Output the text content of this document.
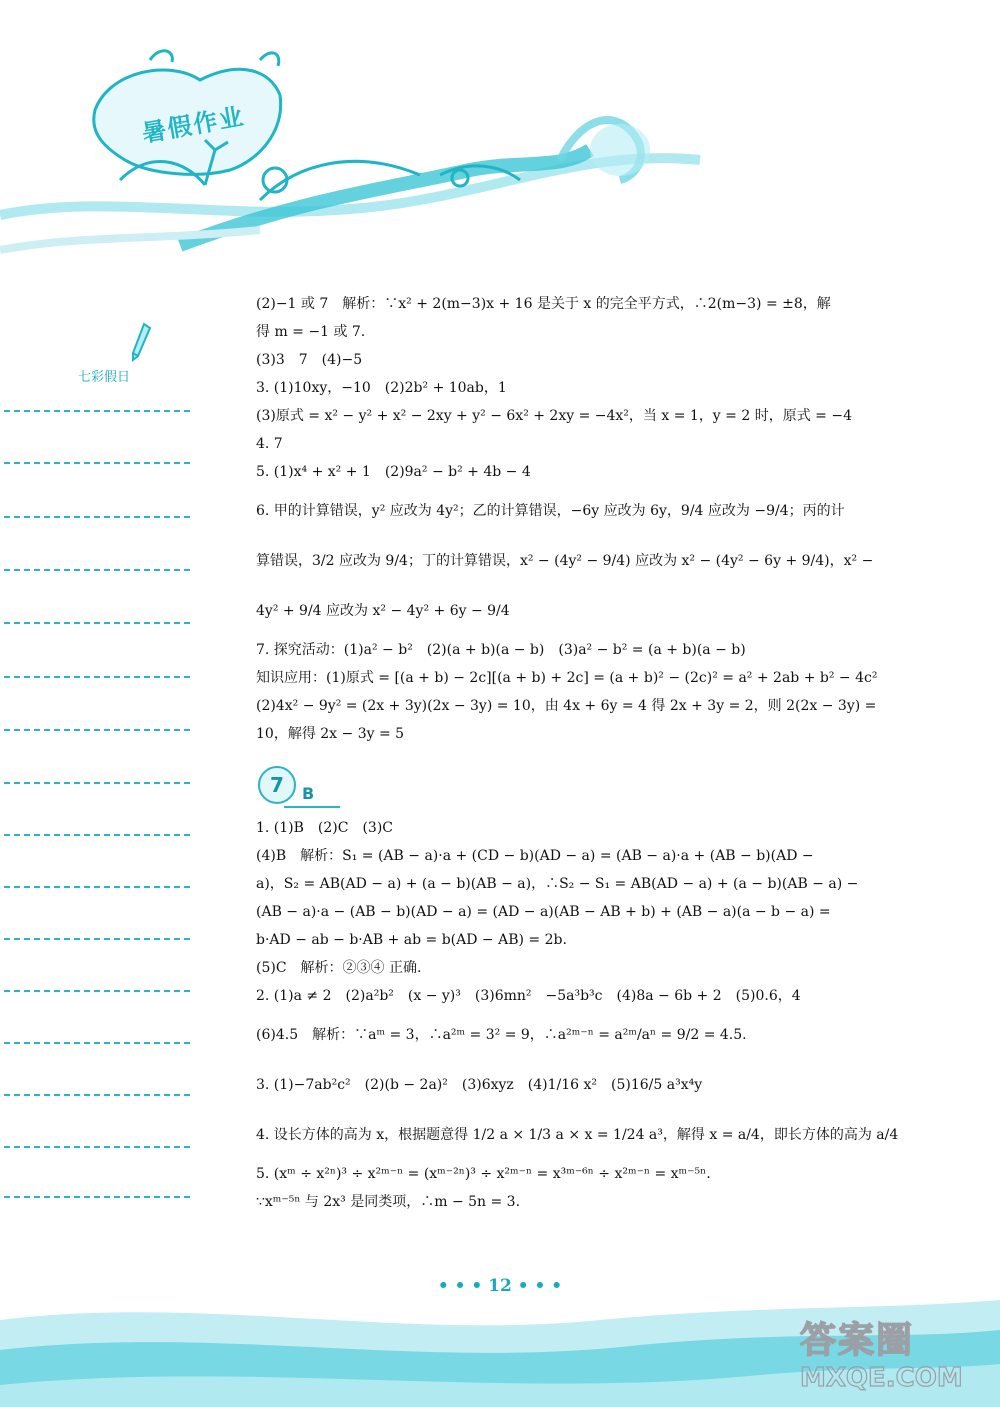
暑假作业
七彩假日
(2)−1 或 7　解析：∵x² + 2(m−3)x + 16 是关于 x 的完全平方式，∴2(m−3) = ±8，解
得 m = −1 或 7.
(3)3　7　(4)−5
3. (1)10xy，−10　(2)2b² + 10ab，1
(3)原式 = x² − y² + x² − 2xy + y² − 6x² + 2xy = −4x²，当 x = 1，y = 2 时，原式 = −4
4. 7
5. (1)x⁴ + x² + 1　(2)9a² − b² + 4b − 4
6. 甲的计算错误，y² 应改为 4y²；乙的计算错误，−6y 应改为 6y，9/4 应改为 −9/4；丙的计
算错误，3/2 应改为 9/4；丁的计算错误，x² − (4y² − 9/4) 应改为 x² − (4y² − 6y + 9/4)，x² −
4y² + 9/4 应改为 x² − 4y² + 6y − 9/4
7. 探究活动：(1)a² − b²　(2)(a + b)(a − b)　(3)a² − b² = (a + b)(a − b)
知识应用：(1)原式 = [(a + b) − 2c][(a + b) + 2c] = (a + b)² − (2c)² = a² + 2ab + b² − 4c²
(2)4x² − 9y² = (2x + 3y)(2x − 3y) = 10，由 4x + 6y = 4 得 2x + 3y = 2，则 2(2x − 3y) =
10，解得 2x − 3y = 5
7	B
1. (1)B　(2)C　(3)C
(4)B　解析：S₁ = (AB − a)·a + (CD − b)(AD − a) = (AB − a)·a + (AB − b)(AD −
a)，S₂ = AB(AD − a) + (a − b)(AB − a)，∴S₂ − S₁ = AB(AD − a) + (a − b)(AB − a) −
(AB − a)·a − (AB − b)(AD − a) = (AD − a)(AB − AB + b) + (AB − a)(a − b − a) =
b·AD − ab − b·AB + ab = b(AD − AB) = 2b.
(5)C　解析：②③④ 正确.
2. (1)a ≠ 2　(2)a²b²　(x − y)³　(3)6mn²　−5a³b³c　(4)8a − 6b + 2　(5)0.6，4
(6)4.5　解析：∵aᵐ = 3，∴a²ᵐ = 3² = 9，∴a²ᵐ⁻ⁿ = a²ᵐ/aⁿ = 9/2 = 4.5.
3. (1)−7ab²c²　(2)(b − 2a)²　(3)6xyz　(4)1/16 x²　(5)16/5 a³x⁴y
4. 设长方体的高为 x，根据题意得 1/2 a × 1/3 a × x = 1/24 a³，解得 x = a/4，即长方体的高为 a/4
5. (xᵐ ÷ x²ⁿ)³ ÷ x²ᵐ⁻ⁿ = (xᵐ⁻²ⁿ)³ ÷ x²ᵐ⁻ⁿ = x³ᵐ⁻⁶ⁿ ÷ x²ᵐ⁻ⁿ = xᵐ⁻⁵ⁿ.
∵xᵐ⁻⁵ⁿ 与 2x³ 是同类项，∴m − 5n = 3.
• • • 12 • • •
答案圈
MXQE.COM
